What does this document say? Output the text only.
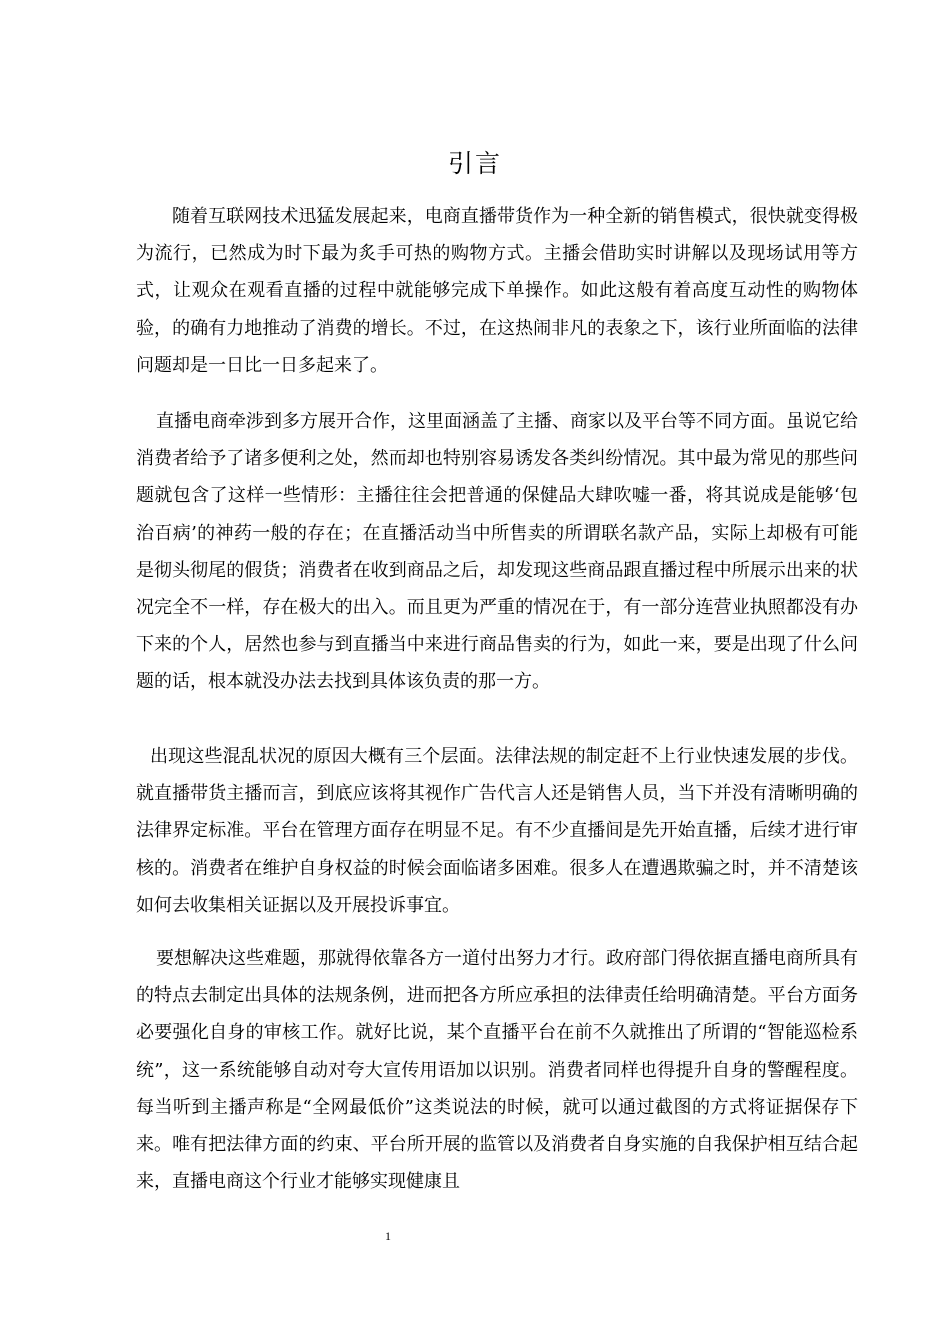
引言

随着互联网技术迅猛发展起来，电商直播带货作为一种全新的销售模式，很快就变得极为流行，已然成为时下最为炙手可热的购物方式。主播会借助实时讲解以及现场试用等方式，让观众在观看直播的过程中就能够完成下单操作。如此这般有着高度互动性的购物体验，的确有力地推动了消费的增长。不过，在这热闹非凡的表象之下，该行业所面临的法律问题却是一日比一日多起来了。

直播电商牵涉到多方展开合作，这里面涵盖了主播、商家以及平台等不同方面。虽说它给消费者给予了诸多便利之处，然而却也特别容易诱发各类纠纷情况。其中最为常见的那些问题就包含了这样一些情形：主播往往会把普通的保健品大肆吹嘘一番，将其说成是能够‘包治百病’的神药一般的存在；在直播活动当中所售卖的所谓联名款产品，实际上却极有可能是彻头彻尾的假货；消费者在收到商品之后，却发现这些商品跟直播过程中所展示出来的状况完全不一样，存在极大的出入。而且更为严重的情况在于，有一部分连营业执照都没有办下来的个人，居然也参与到直播当中来进行商品售卖的行为，如此一来，要是出现了什么问题的话，根本就没办法去找到具体该负责的那一方。

出现这些混乱状况的原因大概有三个层面。法律法规的制定赶不上行业快速发展的步伐。就直播带货主播而言，到底应该将其视作广告代言人还是销售人员，当下并没有清晰明确的法律界定标准。平台在管理方面存在明显不足。有不少直播间是先开始直播，后续才进行审核的。消费者在维护自身权益的时候会面临诸多困难。很多人在遭遇欺骗之时，并不清楚该如何去收集相关证据以及开展投诉事宜。

要想解决这些难题，那就得依靠各方一道付出努力才行。政府部门得依据直播电商所具有的特点去制定出具体的法规条例，进而把各方所应承担的法律责任给明确清楚。平台方面务必要强化自身的审核工作。就好比说，某个直播平台在前不久就推出了所谓的“智能巡检系统”，这一系统能够自动对夸大宣传用语加以识别。消费者同样也得提升自身的警醒程度。每当听到主播声称是“全网最低价”这类说法的时候，就可以通过截图的方式将证据保存下来。唯有把法律方面的约束、平台所开展的监管以及消费者自身实施的自我保护相互结合起来，直播电商这个行业才能够实现健康且

1
